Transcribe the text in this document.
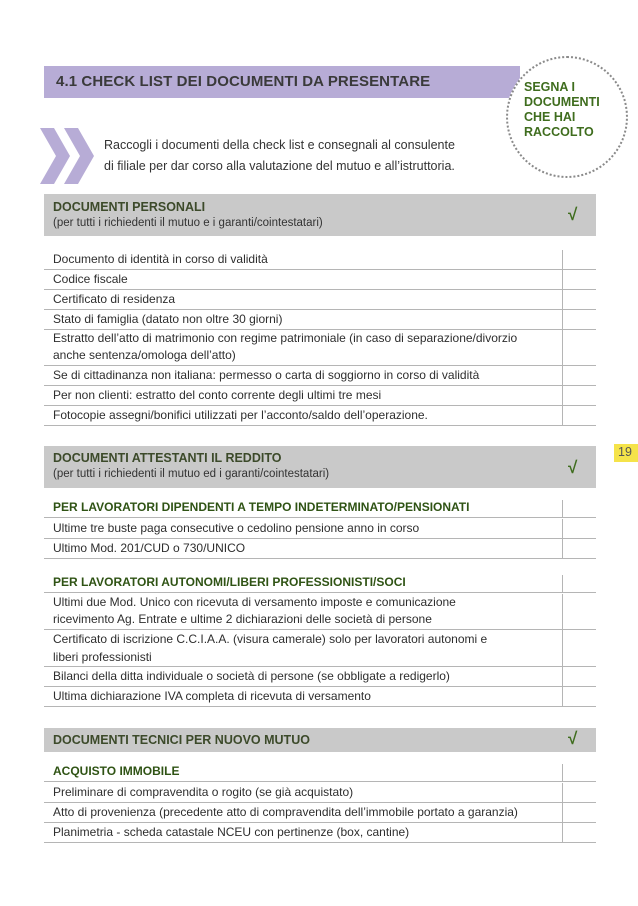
4.1 CHECK LIST DEI DOCUMENTI DA PRESENTARE	SEGNA I
DOCUMENTI
CHE HAI
RACCOLTO
Raccogli i documenti della check list e consegnali al consulente
di filiale per dar corso alla valutazione del mutuo e all’istruttoria.
DOCUMENTI PERSONALI
(per tutti i richiedenti il mutuo e i garanti/cointestatari)	√
Documento di identità in corso di validità
Codice fiscale
Certificato di residenza
Stato di famiglia (datato non oltre 30 giorni)
Estratto dell’atto di matrimonio con regime patrimoniale (in caso di separazione/divorzio
anche sentenza/omologa dell’atto)
Se di cittadinanza non italiana: permesso o carta di soggiorno in corso di validità
Per non clienti: estratto del conto corrente degli ultimi tre mesi
Fotocopie assegni/bonifici utilizzati per l’acconto/saldo dell’operazione.
DOCUMENTI ATTESTANTI IL REDDITO
(per tutti i richiedenti il mutuo ed i garanti/cointestatari)	√
PER LAVORATORI DIPENDENTI A TEMPO INDETERMINATO/PENSIONATI
Ultime tre buste paga consecutive o cedolino pensione anno in corso
Ultimo Mod. 201/CUD o 730/UNICO
PER LAVORATORI AUTONOMI/LIBERI PROFESSIONISTI/SOCI
Ultimi due Mod. Unico con ricevuta di versamento imposte e comunicazione
ricevimento Ag. Entrate e ultime 2 dichiarazioni delle società di persone
Certificato di iscrizione C.C.I.A.A. (visura camerale) solo per lavoratori autonomi e
liberi professionisti
Bilanci della ditta individuale o società di persone (se obbligate a redigerlo)
Ultima dichiarazione IVA completa di ricevuta di versamento
DOCUMENTI TECNICI PER NUOVO MUTUO	√
ACQUISTO IMMOBILE
Preliminare di compravendita o rogito (se già acquistato)
Atto di provenienza (precedente atto di compravendita dell’immobile portato a garanzia)
Planimetria - scheda catastale NCEU con pertinenze (box, cantine)
19
